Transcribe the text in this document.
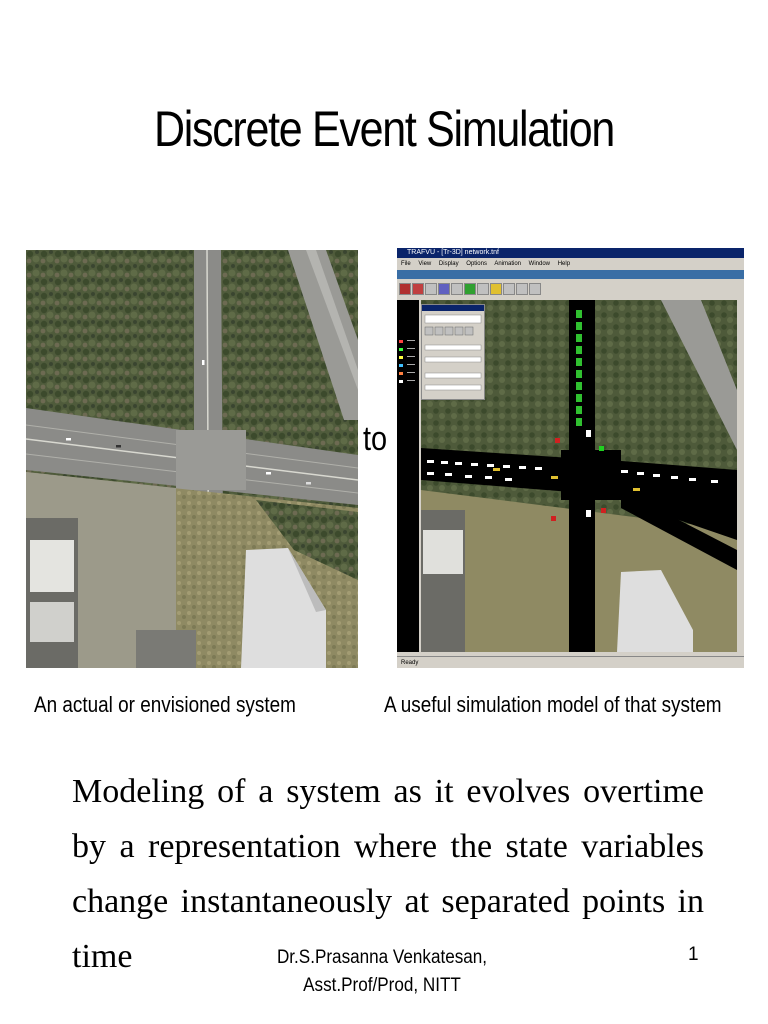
Discrete Event Simulation
to
TRAFVU - [Tr-3D] network.tnf
File View Display Options Animation Window Help
Ready
An actual or envisioned system	A useful simulation model of that system
Modeling of a system as it evolves overtime by a representation where the state variables change instantaneously at separated points in time	Dr.S.Prasanna Venkatesan,
Asst.Prof/Prod, NITT
1
